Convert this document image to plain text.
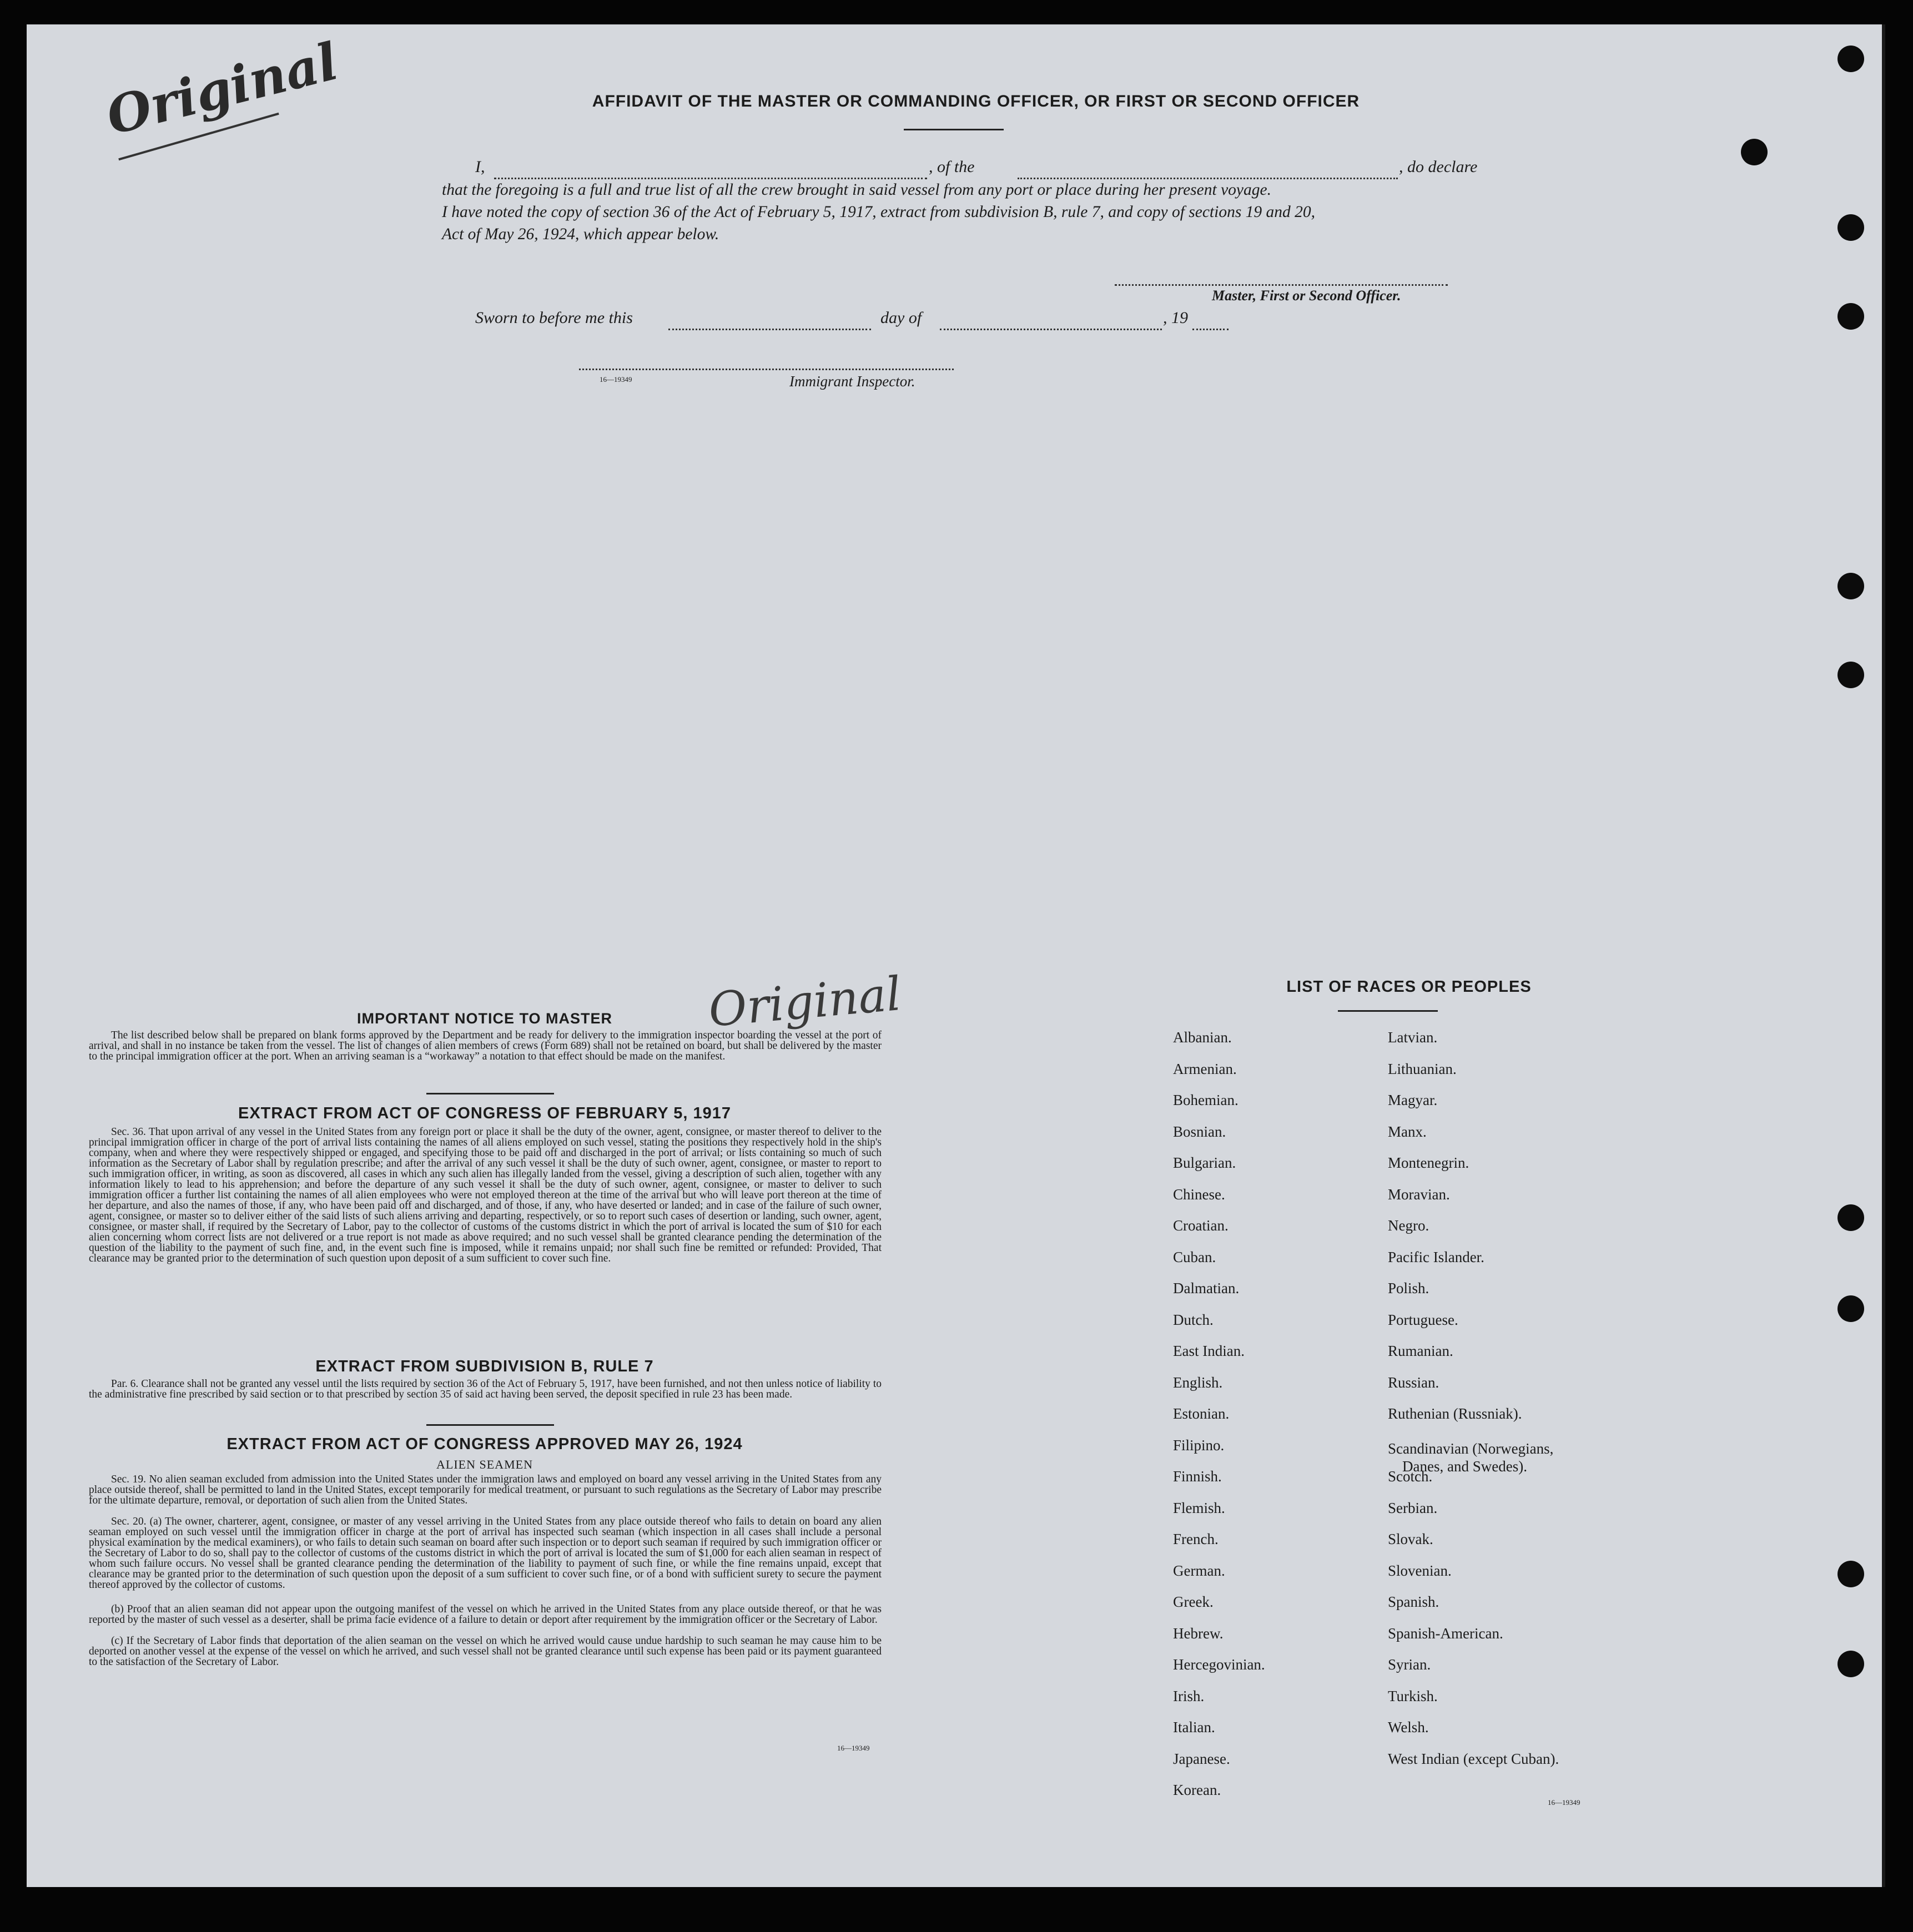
Original	AFFIDAVIT OF THE MASTER OR COMMANDING OFFICER, OR FIRST OR SECOND OFFICER
I,	, of the	, do declare
that the foregoing is a full and true list of all the crew brought in said vessel from any port or place during her present voyage.
I have noted the copy of section 36 of the Act of February 5, 1917, extract from subdivision B, rule 7, and copy of sections 19 and 20,
Act of May 26, 1924, which appear below.
Master, First or Second Officer.
Sworn to before me this	day of	, 19
16—19349	Immigrant Inspector.
Original
IMPORTANT NOTICE TO MASTER

The list described below shall be prepared on blank forms approved by the Department and be ready for delivery to the immigration inspector boarding the vessel at the port of arrival, and shall in no instance be taken from the vessel. The list of changes of alien members of crews (Form 689) shall not be retained on board, but shall be delivered by the master to the principal immigration officer at the port. When an arriving seaman is a “workaway” a notation to that effect should be made on the manifest.

EXTRACT FROM ACT OF CONGRESS OF FEBRUARY 5, 1917

Sec. 36. That upon arrival of any vessel in the United States from any foreign port or place it shall be the duty of the owner, agent, consignee, or master thereof to deliver to the principal immigration officer in charge of the port of arrival lists containing the names of all aliens employed on such vessel, stating the positions they respectively hold in the ship's company, when and where they were respectively shipped or engaged, and specifying those to be paid off and discharged in the port of arrival; or lists containing so much of such information as the Secretary of Labor shall by regulation prescribe; and after the arrival of any such vessel it shall be the duty of such owner, agent, consignee, or master to report to such immigration officer, in writing, as soon as discovered, all cases in which any such alien has illegally landed from the vessel, giving a description of such alien, together with any information likely to lead to his apprehension; and before the departure of any such vessel it shall be the duty of such owner, agent, consignee, or master to deliver to such immigration officer a further list containing the names of all alien employees who were not employed thereon at the time of the arrival but who will leave port thereon at the time of her departure, and also the names of those, if any, who have been paid off and discharged, and of those, if any, who have deserted or landed; and in case of the failure of such owner, agent, consignee, or master so to deliver either of the said lists of such aliens arriving and departing, respectively, or so to report such cases of desertion or landing, such owner, agent, consignee, or master shall, if required by the Secretary of Labor, pay to the collector of customs of the customs district in which the port of arrival is located the sum of $10 for each alien concerning whom correct lists are not delivered or a true report is not made as above required; and no such vessel shall be granted clearance pending the determination of the question of the liability to the payment of such fine, and, in the event such fine is imposed, while it remains unpaid; nor shall such fine be remitted or refunded: Provided, That clearance may be granted prior to the determination of such question upon deposit of a sum sufficient to cover such fine.

EXTRACT FROM SUBDIVISION B, RULE 7

Par. 6. Clearance shall not be granted any vessel until the lists required by section 36 of the Act of February 5, 1917, have been furnished, and not then unless notice of liability to the administrative fine prescribed by said section or to that prescribed by section 35 of said act having been served, the deposit specified in rule 23 has been made.

EXTRACT FROM ACT OF CONGRESS APPROVED MAY 26, 1924
ALIEN SEAMEN

Sec. 19. No alien seaman excluded from admission into the United States under the immigration laws and employed on board any vessel arriving in the United States from any place outside thereof, shall be permitted to land in the United States, except temporarily for medical treatment, or pursuant to such regulations as the Secretary of Labor may prescribe for the ultimate departure, removal, or deportation of such alien from the United States.

Sec. 20. (a) The owner, charterer, agent, consignee, or master of any vessel arriving in the United States from any place outside thereof who fails to detain on board any alien seaman employed on such vessel until the immigration officer in charge at the port of arrival has inspected such seaman (which inspection in all cases shall include a personal physical examination by the medical examiners), or who fails to detain such seaman on board after such inspection or to deport such seaman if required by such immigration officer or the Secretary of Labor to do so, shall pay to the collector of customs of the customs district in which the port of arrival is located the sum of $1,000 for each alien seaman in respect of whom such failure occurs. No vessel shall be granted clearance pending the determination of the liability to payment of such fine, or while the fine remains unpaid, except that clearance may be granted prior to the determination of such question upon the deposit of a sum sufficient to cover such fine, or of a bond with sufficient surety to secure the payment thereof approved by the collector of customs.

(b) Proof that an alien seaman did not appear upon the outgoing manifest of the vessel on which he arrived in the United States from any place outside thereof, or that he was reported by the master of such vessel as a deserter, shall be prima facie evidence of a failure to detain or deport after requirement by the immigration officer or the Secretary of Labor.

(c) If the Secretary of Labor finds that deportation of the alien seaman on the vessel on which he arrived would cause undue hardship to such seaman he may cause him to be deported on another vessel at the expense of the vessel on which he arrived, and such vessel shall not be granted clearance until such expense has been paid or its payment guaranteed to the satisfaction of the Secretary of Labor.

16—19349
LIST OF RACES OR PEOPLES
Albanian.
Armenian.
Bohemian.
Bosnian.
Bulgarian.
Chinese.
Croatian.
Cuban.
Dalmatian.
Dutch.
East Indian.
English.
Estonian.
Filipino.
Finnish.
Flemish.
French.
German.
Greek.
Hebrew.
Hercegovinian.
Irish.
Italian.
Japanese.
Korean.
Latvian.
Lithuanian.
Magyar.
Manx.
Montenegrin.
Moravian.
Negro.
Pacific Islander.
Polish.
Portuguese.
Rumanian.
Russian.
Ruthenian (Russniak).
Scandinavian (Norwegians,
Danes, and Swedes).
Scotch.
Serbian.
Slovak.
Slovenian.
Spanish.
Spanish-American.
Syrian.
Turkish.
Welsh.
West Indian (except Cuban).
16—19349
